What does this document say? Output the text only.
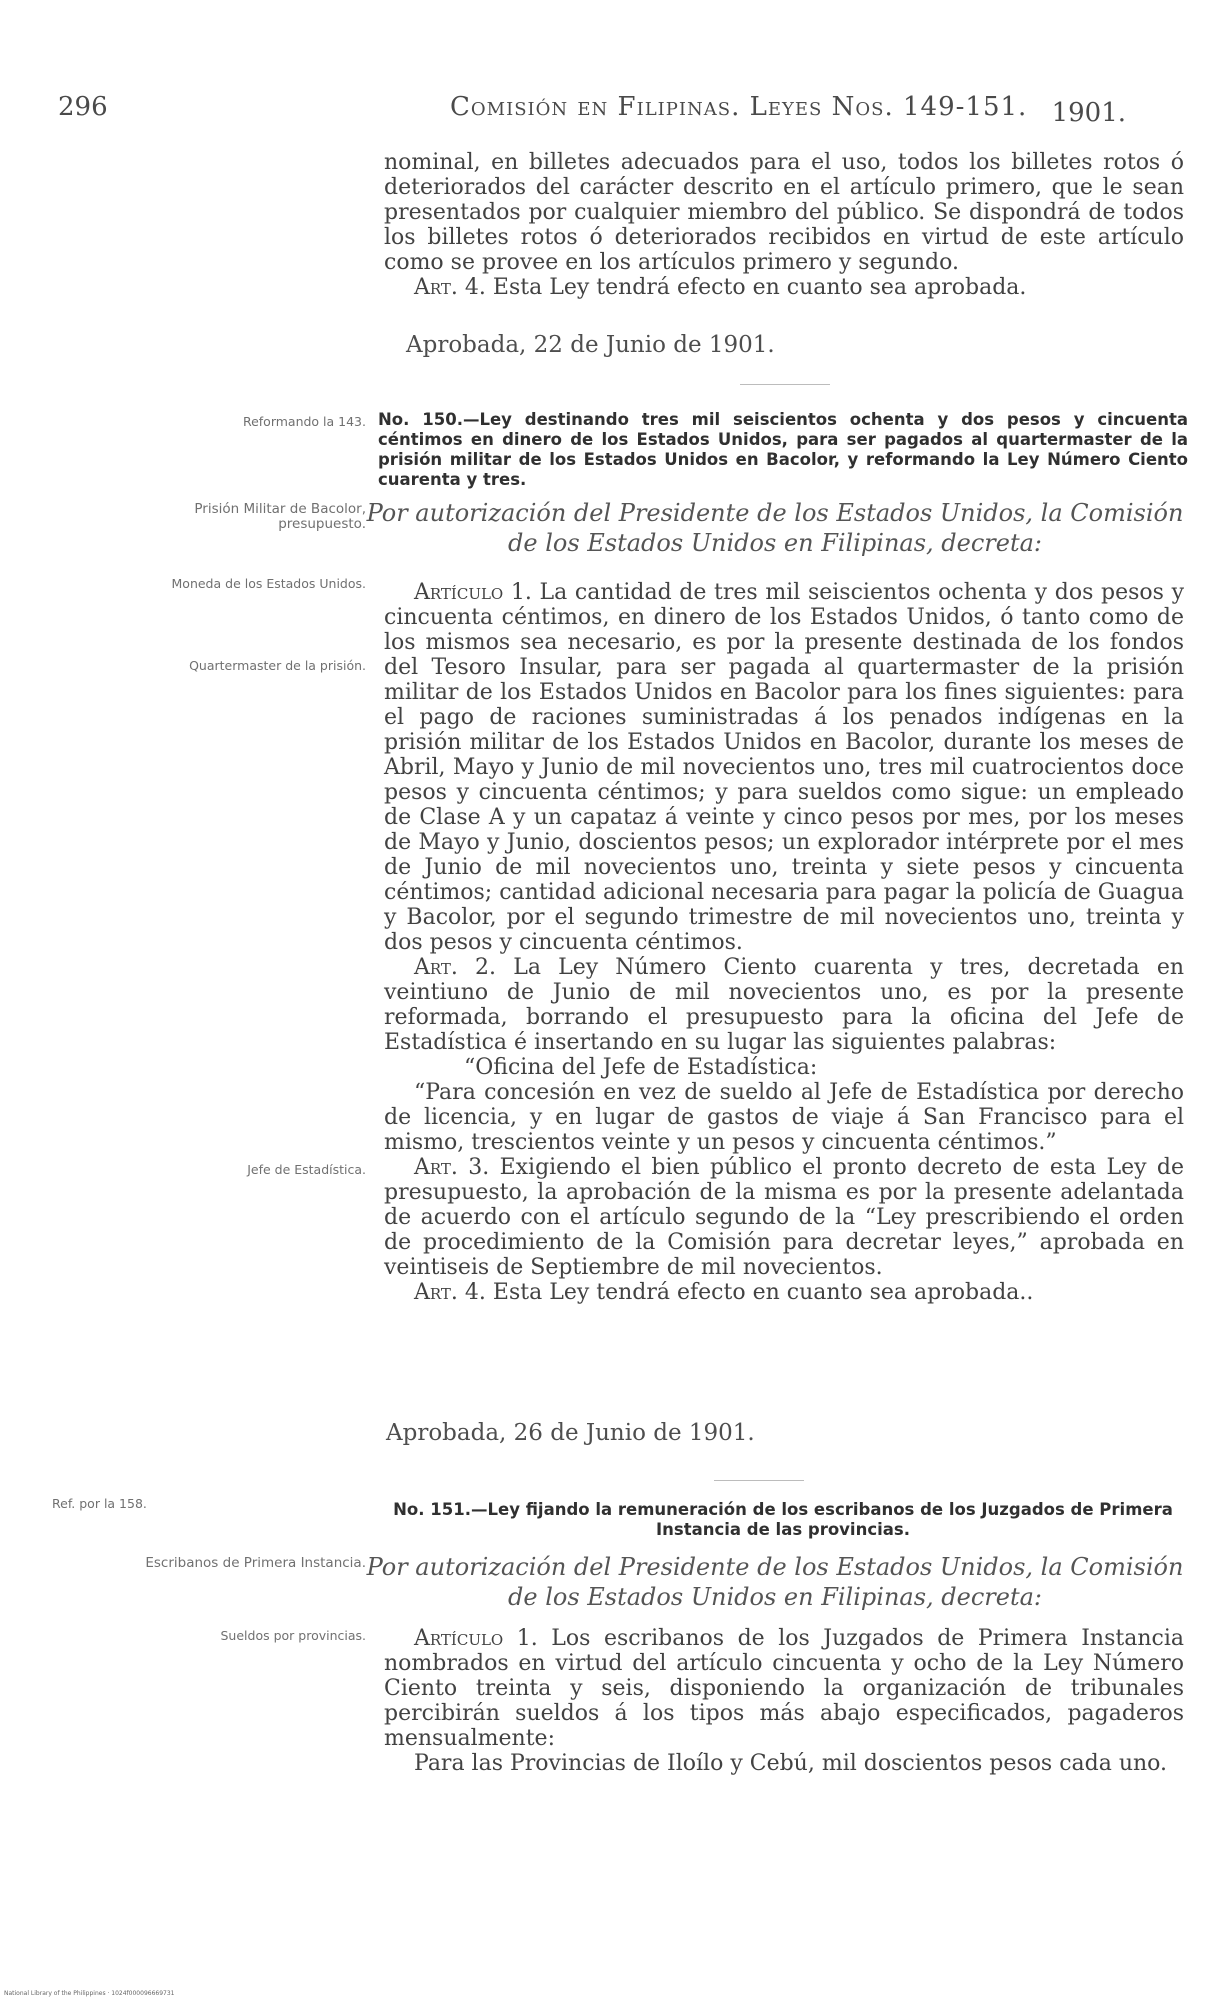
296	Comisión en Filipinas. Leyes Nos. 149-151. 1901.

nominal, en billetes adecuados para el uso, todos los billetes rotos ó deteriorados del carácter descrito en el artículo primero, que le sean presentados por cualquier miembro del público. Se dispondrá de todos los billetes rotos ó deteriorados recibidos en virtud de este artículo como se provee en los artículos primero y segundo.

Art. 4. Esta Ley tendrá efecto en cuanto sea aprobada.

Aprobada, 22 de Junio de 1901.
Reformando la 143. No. 150.—Ley destinando tres mil seiscientos ochenta y dos pesos y cincuenta céntimos en dinero de los Estados Unidos, para ser pagados al quartermaster de la prisión militar de los Estados Unidos en Bacolor, y reformando la Ley Número Ciento cuarenta y tres.
Prisión Militar de Bacolor, presupuesto. Por autorización del Presidente de los Estados Unidos, la Comisión de los Estados Unidos en Filipinas, decreta:
Moneda de los Estados Unidos.
Quartermaster de la prisión.

Artículo 1. La cantidad de tres mil seiscientos ochenta y dos pesos y cincuenta céntimos, en dinero de los Estados Unidos, ó tanto como de los mismos sea necesario, es por la presente destinada de los fondos del Tesoro Insular, para ser pagada al quartermaster de la prisión militar de los Estados Unidos en Bacolor para los fines siguientes: para el pago de raciones suministradas á los penados indígenas en la prisión militar de los Estados Unidos en Bacolor, durante los meses de Abril, Mayo y Junio de mil novecientos uno, tres mil cuatrocientos doce pesos y cincuenta céntimos; y para sueldos como sigue: un empleado de Clase A y un capataz á veinte y cinco pesos por mes, por los meses de Mayo y Junio, doscientos pesos; un explorador intérprete por el mes de Junio de mil novecientos uno, treinta y siete pesos y cincuenta céntimos; cantidad adicional necesaria para pagar la policía de Guagua y Bacolor, por el segundo trimestre de mil novecientos uno, treinta y dos pesos y cincuenta céntimos.

Art. 2. La Ley Número Ciento cuarenta y tres, decretada en veintiuno de Junio de mil novecientos uno, es por la presente reformada, borrando el presupuesto para la oficina del Jefe de Estadística é insertando en su lugar las siguientes palabras:

“Oficina del Jefe de Estadística:

“Para concesión en vez de sueldo al Jefe de Estadística por derecho de licencia, y en lugar de gastos de viaje á San Francisco para el mismo, trescientos veinte y un pesos y cincuenta céntimos.”

Art. 3. Exigiendo el bien público el pronto decreto de esta Ley de presupuesto, la aprobación de la misma es por la presente adelantada de acuerdo con el artículo segundo de la “Ley prescribiendo el orden de procedimiento de la Comisión para decretar leyes,” aprobada en veintiseis de Septiembre de mil novecientos.

Art. 4. Esta Ley tendrá efecto en cuanto sea aprobada..

Jefe de Estadística.
Aprobada, 26 de Junio de 1901.
Ref. por la 158.	No. 151.—Ley fijando la remuneración de los escribanos de los Juzgados de Primera Instancia de las provincias.
Escribanos de Primera Instancia. Por autorización del Presidente de los Estados Unidos, la Comisión de los Estados Unidos en Filipinas, decreta:
Sueldos por provincias.	Artículo 1. Los escribanos de los Juzgados de Primera Instancia nombrados en virtud del artículo cincuenta y ocho de la Ley Número Ciento treinta y seis, disponiendo la organización de tribunales percibirán sueldos á los tipos más abajo especificados, pagaderos mensualmente:

Para las Provincias de Iloílo y Cebú, mil doscientos pesos cada uno.

National Library of the Philippines · 1024f000096669731
